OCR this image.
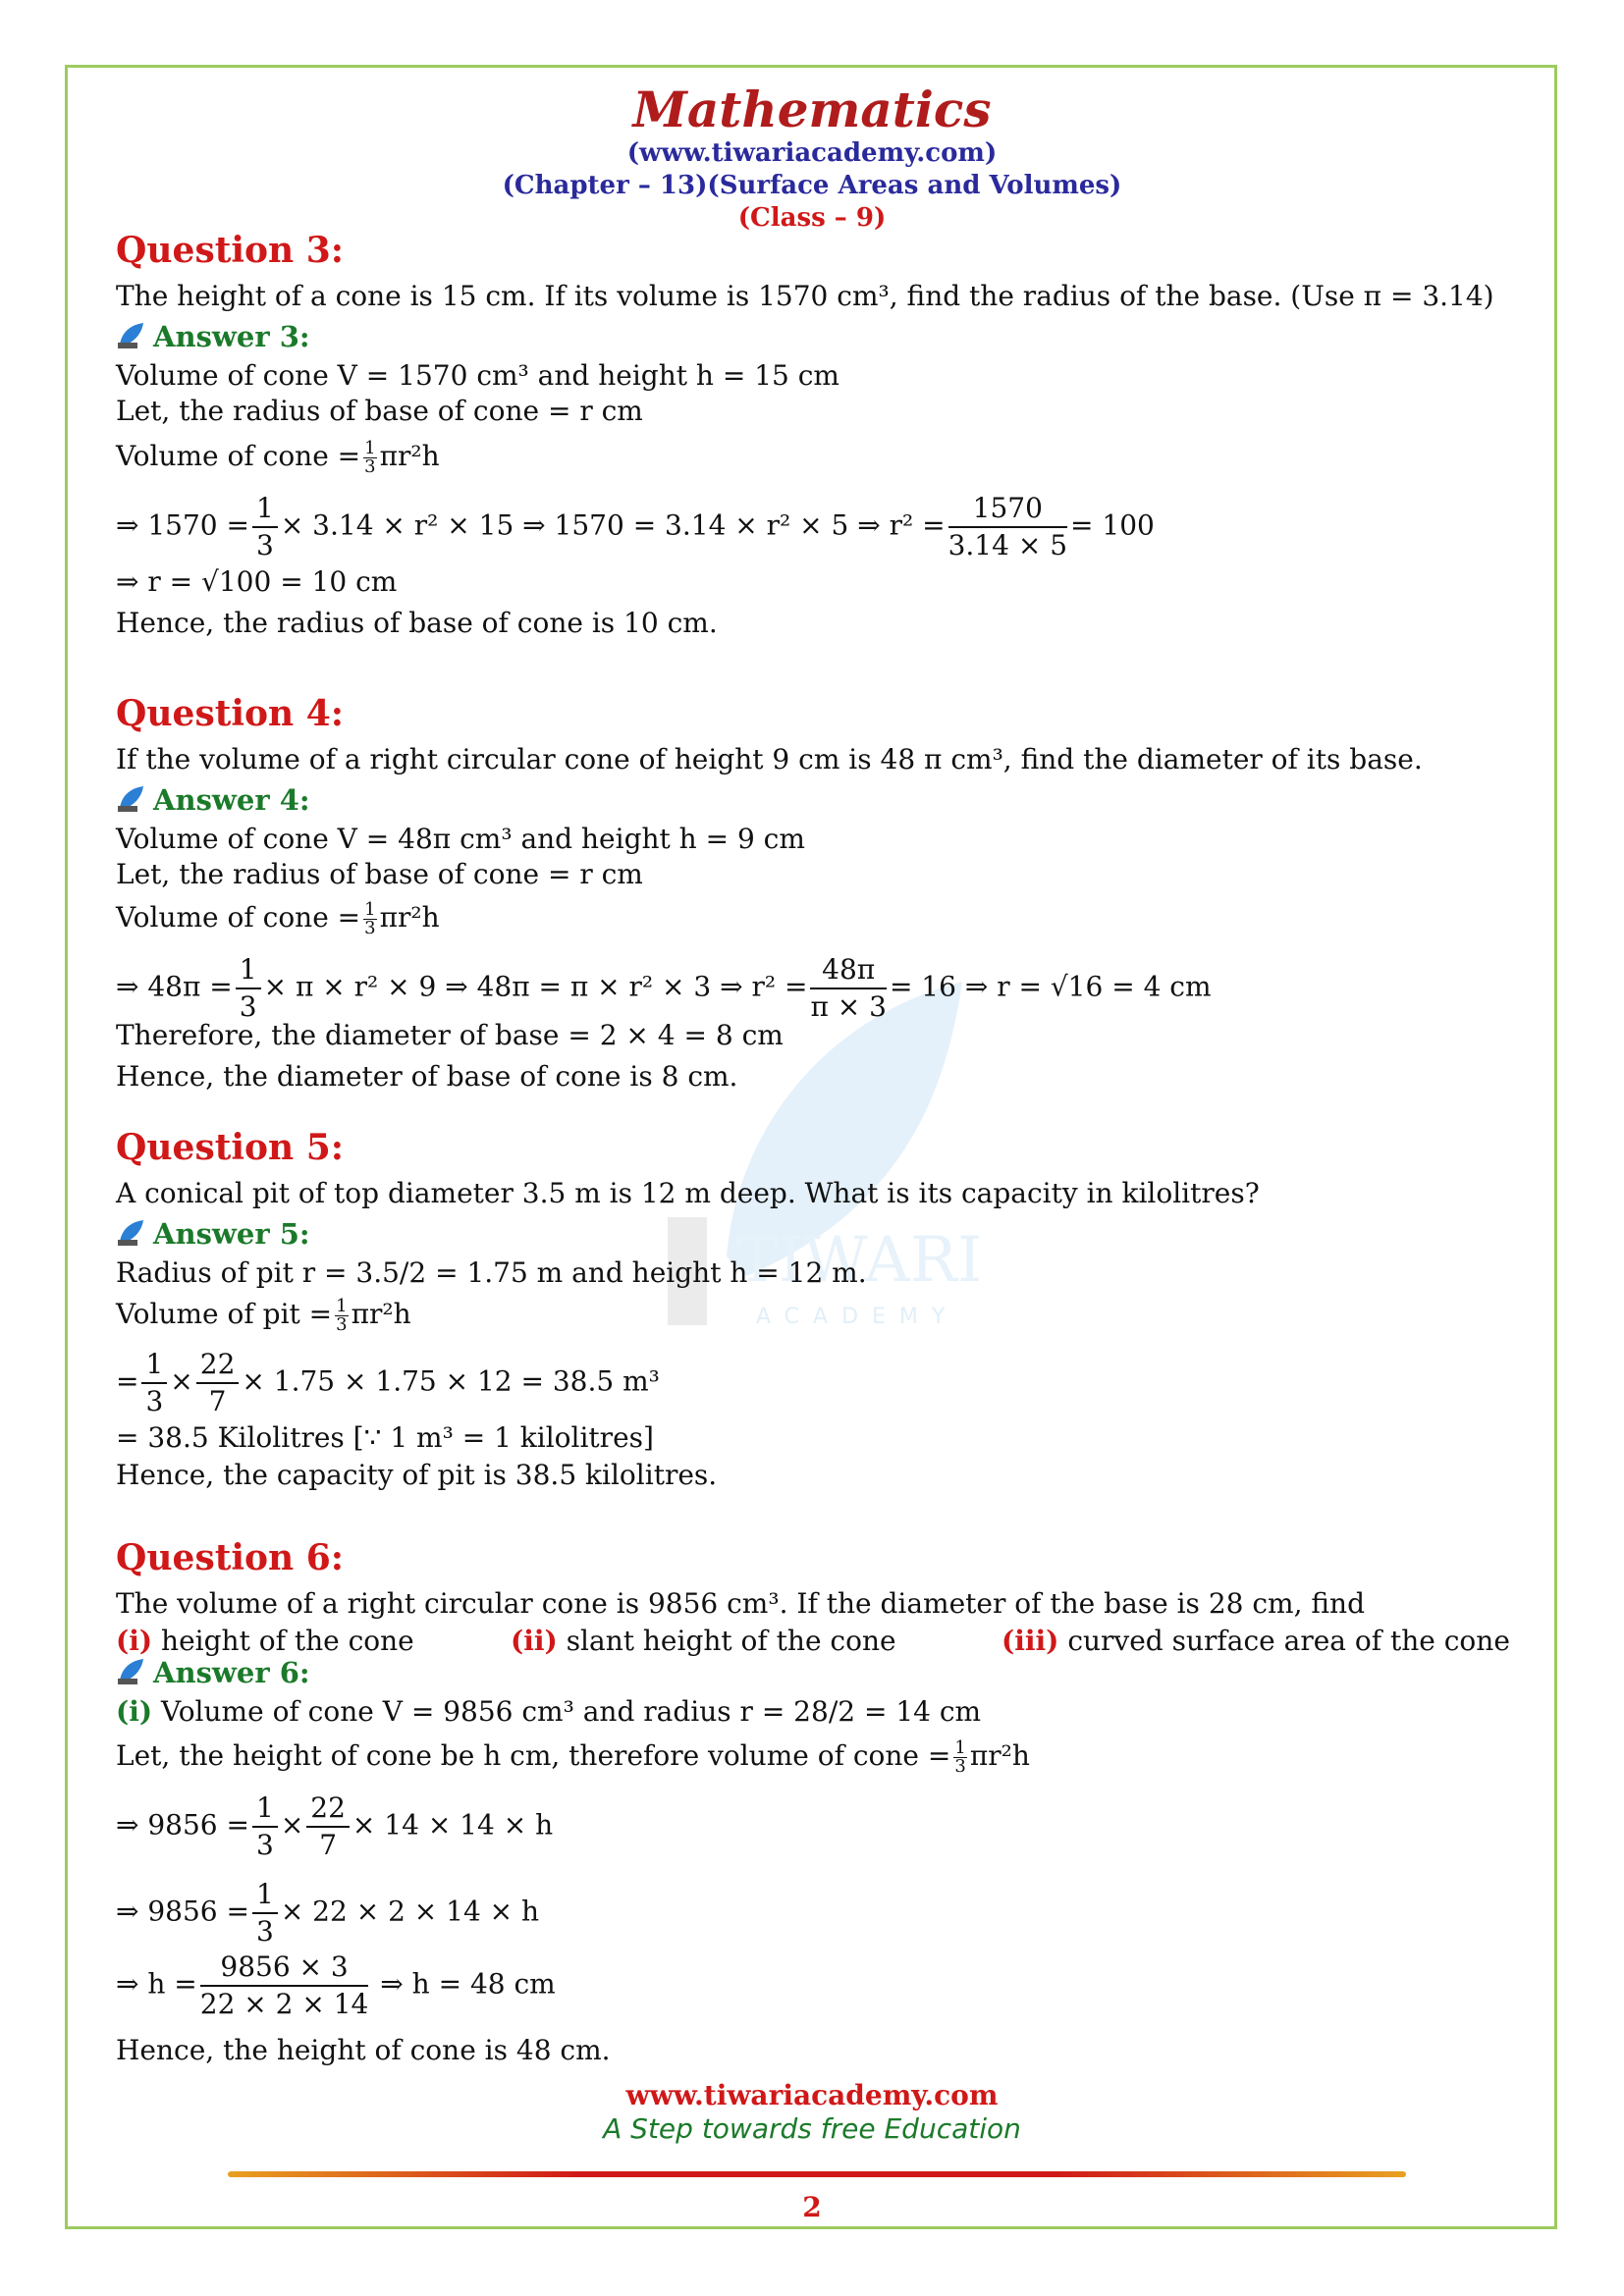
Mathematics
(www.tiwariacademy.com)
(Chapter – 13)(Surface Areas and Volumes)
(Class – 9)
TIWARI
ACADEMY
Question 3:
The height of a cone is 15 cm. If its volume is 1570 cm³, find the radius of the base. (Use π = 3.14)
Answer 3:
Volume of cone V = 1570 cm³ and height h = 15 cm
Let, the radius of base of cone = r cm
Volume of cone = $\frac{1}{3} \pi r^2h$
⇒ $1570 = \frac{1}{3} \times 3.14 \times r^2 \times 15$ ⇒ 1570 = 3.14 × r² × 5 ⇒ $r^2 = \frac{1570}{3.14 \times 5} = 100$
⇒ r = √100 = 10 cm
Hence, the radius of base of cone is 10 cm.
Question 4:
If the volume of a right circular cone of height 9 cm is 48 π cm³, find the diameter of its base.
Answer 4:
Volume of cone V = 48π cm³ and height h = 9 cm
Let, the radius of base of cone = r cm
Volume of cone = $\frac{1}{3} \pi r^2h$
⇒ $48\pi = \frac{1}{3} \times \pi \times r^2 \times 9$ ⇒ 48π = π × r² × 3 ⇒ $r^2 = \frac{48\pi}{\pi \times 3} = 16$ ⇒ r = √16 = 4 cm
Therefore, the diameter of base = 2 × 4 = 8 cm
Hence, the diameter of base of cone is 8 cm.
Question 5:
A conical pit of top diameter 3.5 m is 12 m deep. What is its capacity in kilolitres?
Answer 5:
Radius of pit r = 3.5/2 = 1.75 m and height h = 12 m.
Volume of pit = $\frac{1}{3} \pi r^2h$
= $\frac{1}{3} \times \frac{22}{7} \times 1.75 \times 1.75 \times 12 = 38.5$ m³
= 38.5 Kilolitres [∵ 1 m³ = 1 kilolitres]
Hence, the capacity of pit is 38.5 kilolitres.
Question 6:
The volume of a right circular cone is 9856 cm³. If the diameter of the base is 28 cm, find
(i) height of the cone	(ii) slant height of the cone	(iii) curved surface area of the cone
Answer 6:
(i) Volume of cone V = 9856 cm³ and radius r = 28/2 = 14 cm
Let, the height of cone be h cm, therefore volume of cone = $\frac{1}{3} \pi r^2h$
⇒ $9856 = \frac{1}{3} \times \frac{22}{7} \times 14 \times 14 \times h$
⇒ $9856 = \frac{1}{3} \times 22 \times 2 \times 14 \times h$
⇒ $h = \frac{9856 \times 3}{22 \times 2 \times 14}$ ⇒ h = 48 cm
Hence, the height of cone is 48 cm.
www.tiwariacademy.com
A Step towards free Education
2
